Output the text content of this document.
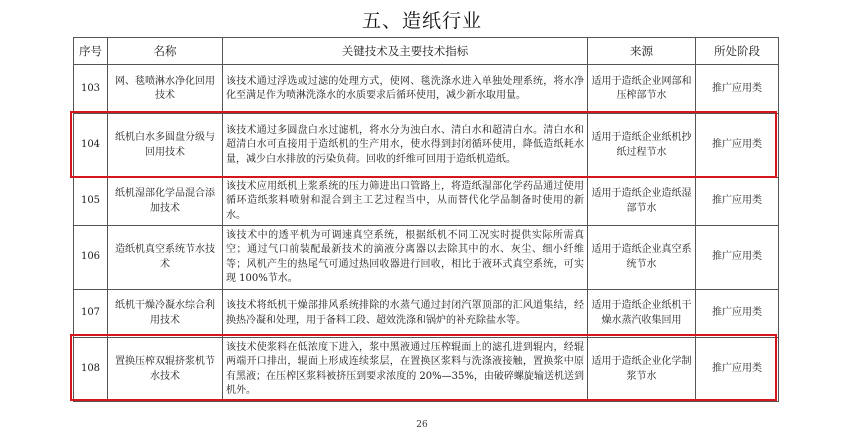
五、造纸行业
序号	名称	关键技术及主要技术指标	来源	所处阶段
103	网、毯喷淋水净化回用技术	该技术通过浮选或过滤的处理方式，使网、毯洗涤水进入单独处理系统，将水净化至满足作为喷淋洗涤水的水质要求后循环使用，减少新水取用量。	适用于造纸企业网部和压榨部节水	推广应用类
104	纸机白水多圆盘分级与回用技术	该技术通过多圆盘白水过滤机，将水分为浊白水、清白水和超清白水。清白水和超清白水可直接用于造纸机的生产用水，使水得到封闭循环使用，降低造纸耗水量，减少白水排放的污染负荷。回收的纤维可回用于造纸机造纸。	适用于造纸企业纸机抄纸过程节水	推广应用类
105	纸机湿部化学品混合添加技术	该技术应用纸机上浆系统的压力筛进出口管路上，将造纸湿部化学药品通过使用循环造纸浆料喷射和混合到主工艺过程当中，从而替代化学品制备时使用的新水。	适用于造纸企业造纸湿部节水	推广应用类
106	造纸机真空系统节水技术	该技术中的透平机为可调速真空系统，根据纸机不同工况实时提供实际所需真空；通过气口前装配最新技术的滴液分离器以去除其中的水、灰尘、细小纤维等；风机产生的热尾气可通过热回收器进行回收，相比于液环式真空系统，可实现 100%节水。	适用于造纸企业真空系统节水	推广应用类
107	纸机干燥冷凝水综合利用技术	该技术将纸机干燥部排风系统排除的水蒸气通过封闭汽罩顶部的汇风道集结，经换热冷凝和处理，用于备料工段、超效洗涤和锅炉的补充除盐水等。	适用于造纸企业纸机干燥水蒸汽收集回用	推广应用类
108	置换压榨双辊挤浆机节水技术	该技术使浆料在低浓度下进入，浆中黑液通过压榨辊面上的滤孔进到辊内，经辊两端开口排出，辊面上形成连续浆层，在置换区浆料与洗涤液接触，置换浆中原有黑液；在压榨区浆料被挤压到要求浓度的 20%—35%，由破碎螺旋输送机送到机外。	适用于造纸企业化学制浆节水	推广应用类
26
